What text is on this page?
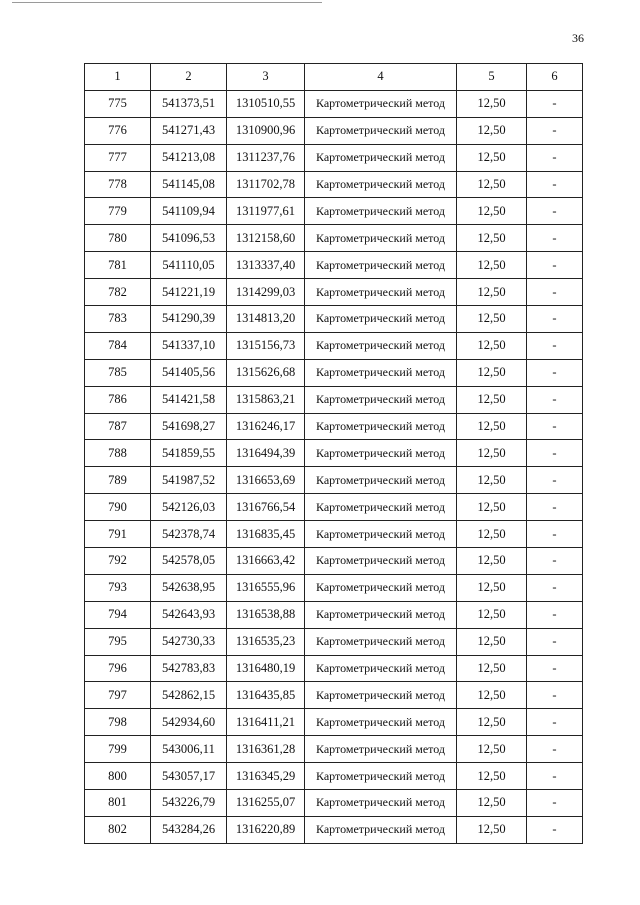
36
1	2	3	4	5	6
775	541373,51	1310510,55	Картометрический метод	12,50	-
776	541271,43	1310900,96	Картометрический метод	12,50	-
777	541213,08	1311237,76	Картометрический метод	12,50	-
778	541145,08	1311702,78	Картометрический метод	12,50	-
779	541109,94	1311977,61	Картометрический метод	12,50	-
780	541096,53	1312158,60	Картометрический метод	12,50	-
781	541110,05	1313337,40	Картометрический метод	12,50	-
782	541221,19	1314299,03	Картометрический метод	12,50	-
783	541290,39	1314813,20	Картометрический метод	12,50	-
784	541337,10	1315156,73	Картометрический метод	12,50	-
785	541405,56	1315626,68	Картометрический метод	12,50	-
786	541421,58	1315863,21	Картометрический метод	12,50	-
787	541698,27	1316246,17	Картометрический метод	12,50	-
788	541859,55	1316494,39	Картометрический метод	12,50	-
789	541987,52	1316653,69	Картометрический метод	12,50	-
790	542126,03	1316766,54	Картометрический метод	12,50	-
791	542378,74	1316835,45	Картометрический метод	12,50	-
792	542578,05	1316663,42	Картометрический метод	12,50	-
793	542638,95	1316555,96	Картометрический метод	12,50	-
794	542643,93	1316538,88	Картометрический метод	12,50	-
795	542730,33	1316535,23	Картометрический метод	12,50	-
796	542783,83	1316480,19	Картометрический метод	12,50	-
797	542862,15	1316435,85	Картометрический метод	12,50	-
798	542934,60	1316411,21	Картометрический метод	12,50	-
799	543006,11	1316361,28	Картометрический метод	12,50	-
800	543057,17	1316345,29	Картометрический метод	12,50	-
801	543226,79	1316255,07	Картометрический метод	12,50	-
802	543284,26	1316220,89	Картометрический метод	12,50	-
